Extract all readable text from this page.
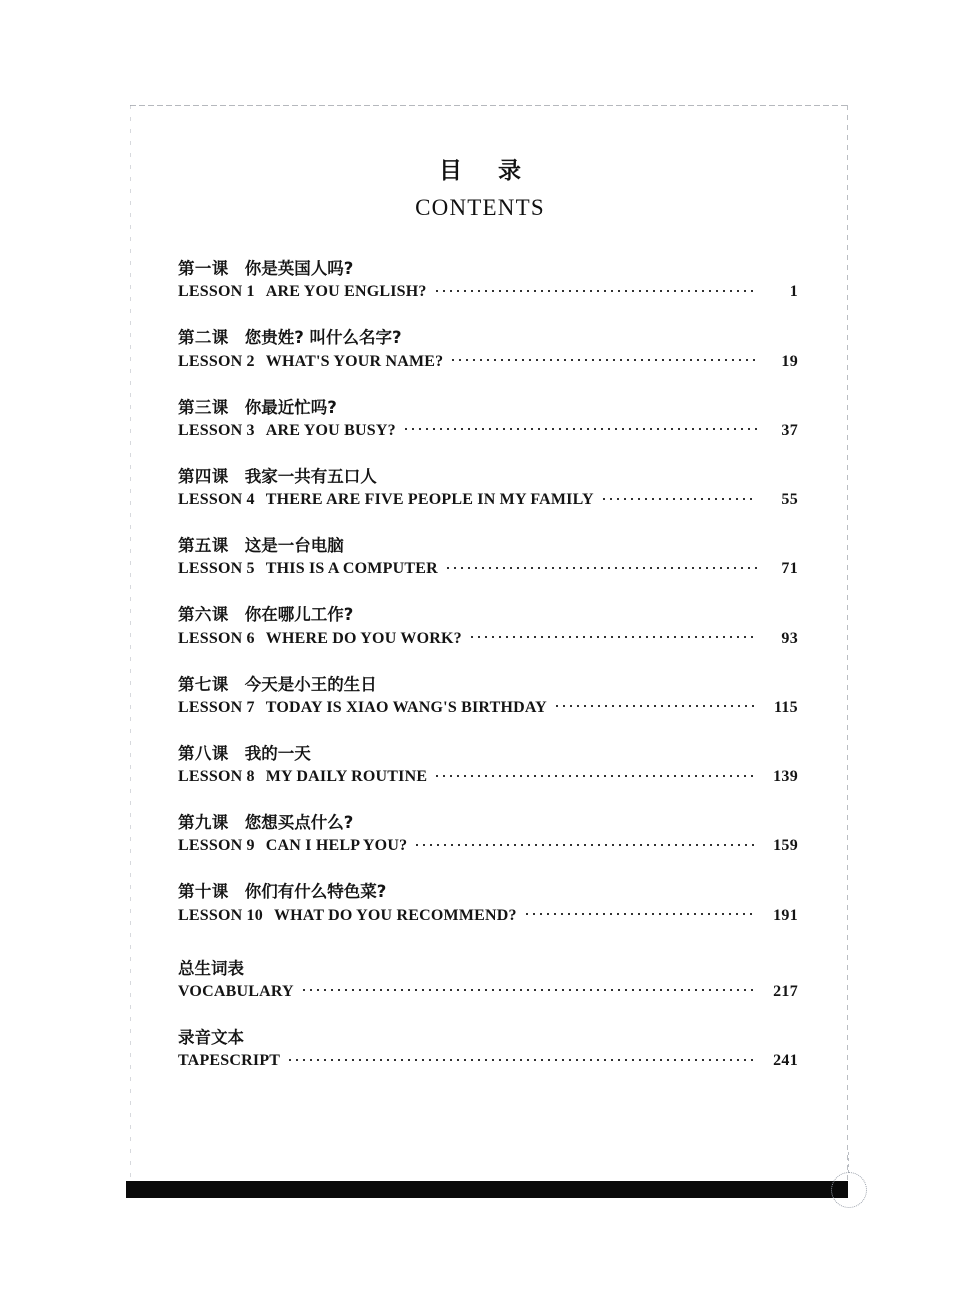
目 录
CONTENTS
第一课 你是英国人吗?
LESSON 1 ARE YOU ENGLISH?	1
第二课 您贵姓? 叫什么名字?
LESSON 2 WHAT'S YOUR NAME?	19
第三课 你最近忙吗?
LESSON 3 ARE YOU BUSY?	37
第四课 我家一共有五口人
LESSON 4 THERE ARE FIVE PEOPLE IN MY FAMILY	55
第五课 这是一台电脑
LESSON 5 THIS IS A COMPUTER	71
第六课 你在哪儿工作?
LESSON 6 WHERE DO YOU WORK?	93
第七课 今天是小王的生日
LESSON 7 TODAY IS XIAO WANG'S BIRTHDAY	115
第八课 我的一天
LESSON 8 MY DAILY ROUTINE	139
第九课 您想买点什么?
LESSON 9 CAN I HELP YOU?	159
第十课 你们有什么特色菜?
LESSON 10 WHAT DO YOU RECOMMEND?	191
总生词表
VOCABULARY	217
录音文本
TAPESCRIPT	241
